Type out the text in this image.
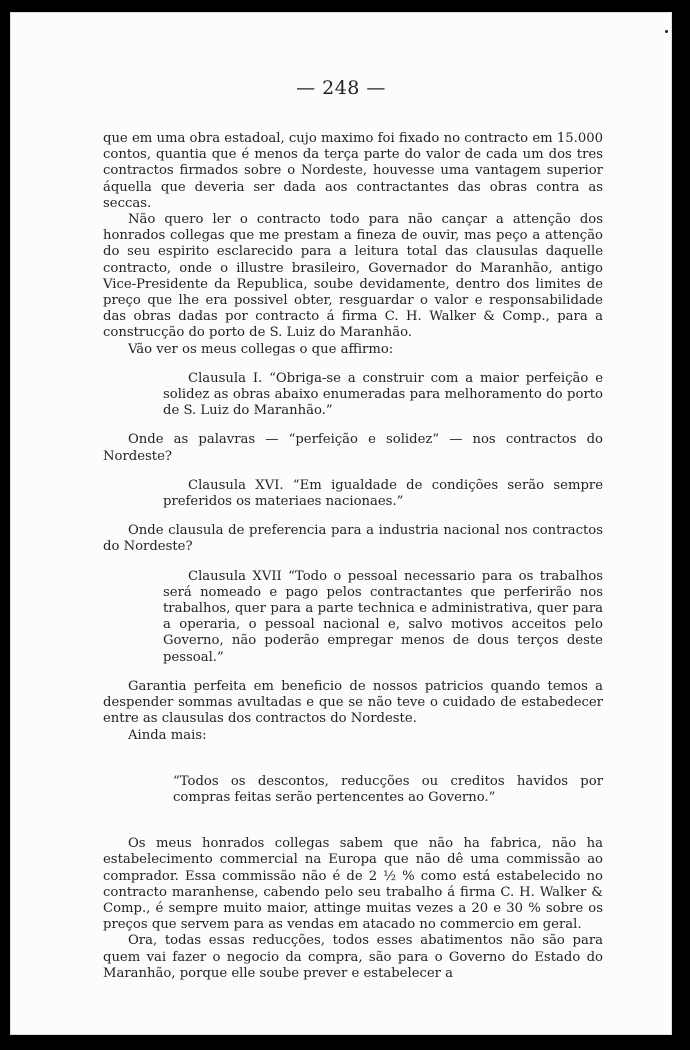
— 248 —

que em uma obra estadoal, cujo maximo foi fixado no contracto em 15.000 contos, quantia que é menos da terça parte do valor de cada um dos tres contractos firmados sobre o Nordeste, houvesse uma vantagem superior áquella que deveria ser dada aos contractantes das obras contra as seccas.

Não quero ler o contracto todo para não cançar a attenção dos honrados collegas que me prestam a fineza de ouvir, mas peço a attenção do seu espirito esclarecido para a leitura total das clausulas daquelle contracto, onde o illustre brasileiro, Governador do Maranhão, antigo Vice-Presidente da Republica, soube devidamente, dentro dos limites de preço que lhe era possivel obter, resguardar o valor e responsabilidade das obras dadas por contracto á firma C. H. Walker & Comp., para a construcção do porto de S. Luiz do Maranhão.

Vão ver os meus collegas o que affirmo:

Clausula I. “Obriga-se a construir com a maior perfeição e solidez as obras abaixo enumeradas para melhoramento do porto de S. Luiz do Maranhão.”

Onde as palavras — “perfeição e solidez” — nos contractos do Nordeste?

Clausula XVI. “Em igualdade de condições serão sempre preferidos os materiaes nacionaes.”

Onde clausula de preferencia para a industria nacional nos contractos do Nordeste?

Clausula XVII “Todo o pessoal necessario para os trabalhos será nomeado e pago pelos contractantes que perferirão nos trabalhos, quer para a parte technica e administrativa, quer para a operaria, o pessoal nacional e, salvo motivos acceitos pelo Governo, não poderão empregar menos de dous terços deste pessoal.”

Garantia perfeita em beneficio de nossos patricios quando temos a despender sommas avultadas e que se não teve o cuidado de estabedecer entre as clausulas dos contractos do Nordeste.

Ainda mais:

“Todos os descontos, reducções ou creditos havidos por compras feitas serão pertencentes ao Governo.”

Os meus honrados collegas sabem que não ha fabrica, não ha estabelecimento commercial na Europa que não dê uma commissão ao comprador. Essa commissão não é de 2 ½ % como está estabelecido no contracto maranhense, cabendo pelo seu trabalho á firma C. H. Walker & Comp., é sempre muito maior, attinge muitas vezes a 20 e 30 % sobre os preços que servem para as vendas em atacado no commercio em geral.

Ora, todas essas reducções, todos esses abatimentos não são para quem vai fazer o negocio da compra, são para o Governo do Estado do Maranhão, porque elle soube prever e estabelecer a
